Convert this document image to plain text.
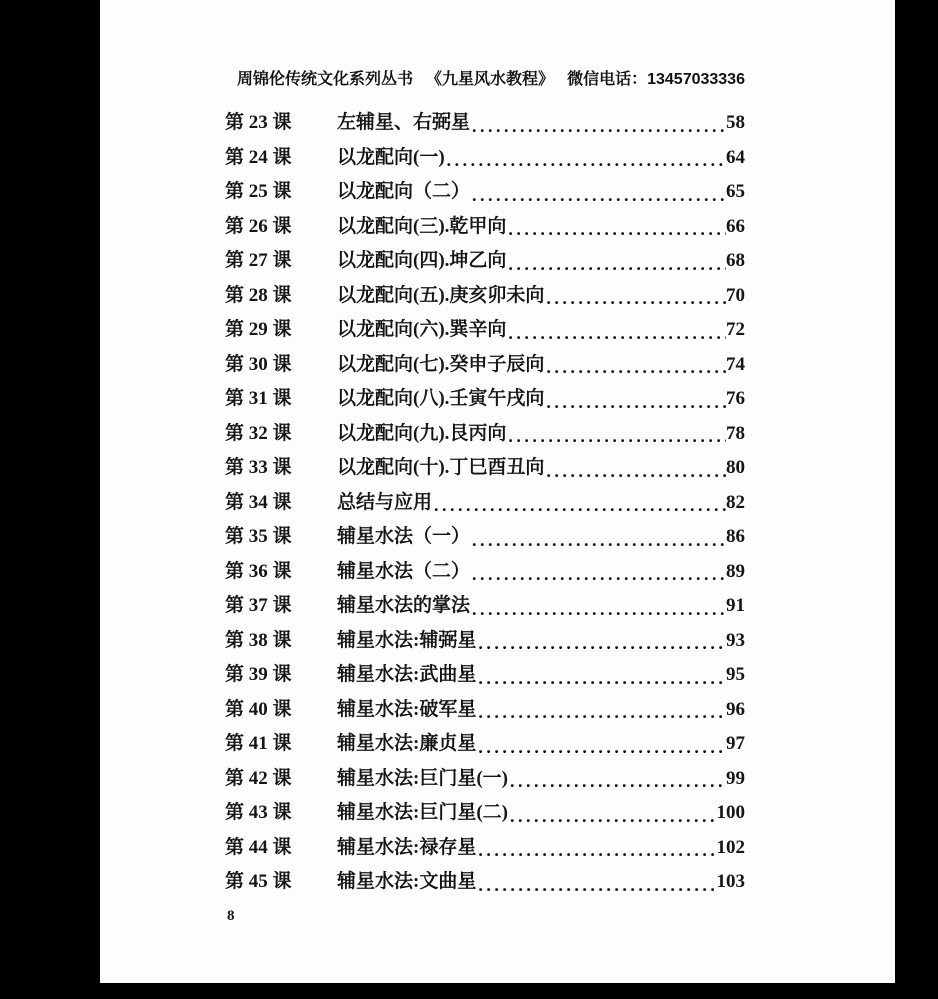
周锦伦传统文化系列丛书 《九星风水教程》 微信电话：13457033336
第 23 课	左辅星、右弼星 .....	58
第 24 课	以龙配向(一) .....	64
第 25 课	以龙配向（二） .....	65
第 26 课	以龙配向(三).乾甲向 .....	66
第 27 课	以龙配向(四).坤乙向 .....	68
第 28 课	以龙配向(五).庚亥卯未向 .....	70
第 29 课	以龙配向(六).巽辛向 .....	72
第 30 课	以龙配向(七).癸申子辰向 .....	74
第 31 课	以龙配向(八).壬寅午戌向 .....	76
第 32 课	以龙配向(九).艮丙向 .....	78
第 33 课	以龙配向(十).丁巳酉丑向 .....	80
第 34 课	总结与应用 .....	82
第 35 课	辅星水法（一） .....	86
第 36 课	辅星水法（二） .....	89
第 37 课	辅星水法的掌法 .....	91
第 38 课	辅星水法:辅弼星 .....	93
第 39 课	辅星水法:武曲星 .....	95
第 40 课	辅星水法:破军星 .....	96
第 41 课	辅星水法:廉贞星 .....	97
第 42 课	辅星水法:巨门星(一) .....	99
第 43 课	辅星水法:巨门星(二) .....	100
第 44 课	辅星水法:禄存星 .....	102
第 45 课	辅星水法:文曲星 .....	103
8
